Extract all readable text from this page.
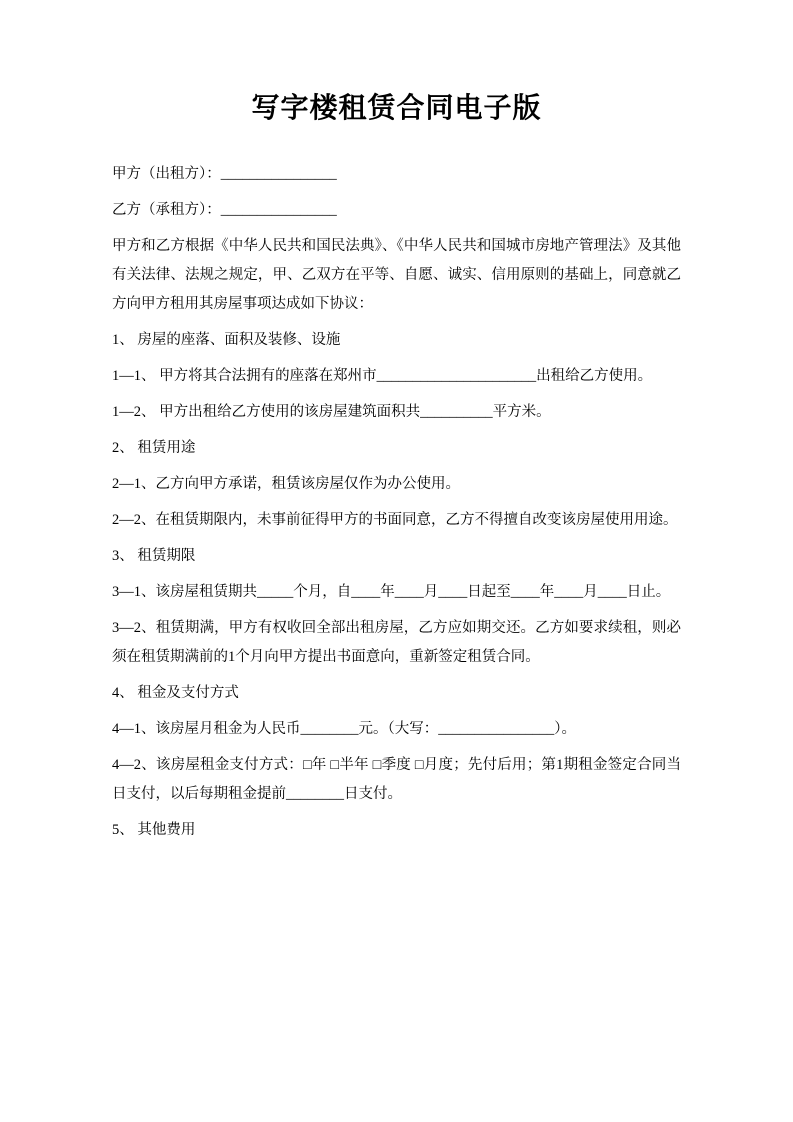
写字楼租赁合同电子版

甲方（出租方）：________________

乙方（承租方）：________________

甲方和乙方根据《中华人民共和国民法典》、《中华人民共和国城市房地产管理法》及其他有关法律、法规之规定，甲、乙双方在平等、自愿、诚实、信用原则的基础上，同意就乙方向甲方租用其房屋事项达成如下协议：

1、 房屋的座落、面积及装修、设施

1—1、 甲方将其合法拥有的座落在郑州市______________________出租给乙方使用。

1—2、 甲方出租给乙方使用的该房屋建筑面积共__________平方米。

2、 租赁用途

2—1、乙方向甲方承诺，租赁该房屋仅作为办公使用。

2—2、在租赁期限内，未事前征得甲方的书面同意，乙方不得擅自改变该房屋使用用途。

3、 租赁期限

3—1、该房屋租赁期共_____个月，自____年____月____日起至____年____月____日止。

3—2、租赁期满，甲方有权收回全部出租房屋，乙方应如期交还。乙方如要求续租，则必须在租赁期满前的1个月向甲方提出书面意向，重新签定租赁合同。

4、 租金及支付方式

4—1、该房屋月租金为人民币________元。（大写：________________）。

4—2、该房屋租金支付方式：□年 □半年 □季度 □月度；先付后用；第1期租金签定合同当日支付，以后每期租金提前________日支付。

5、 其他费用
